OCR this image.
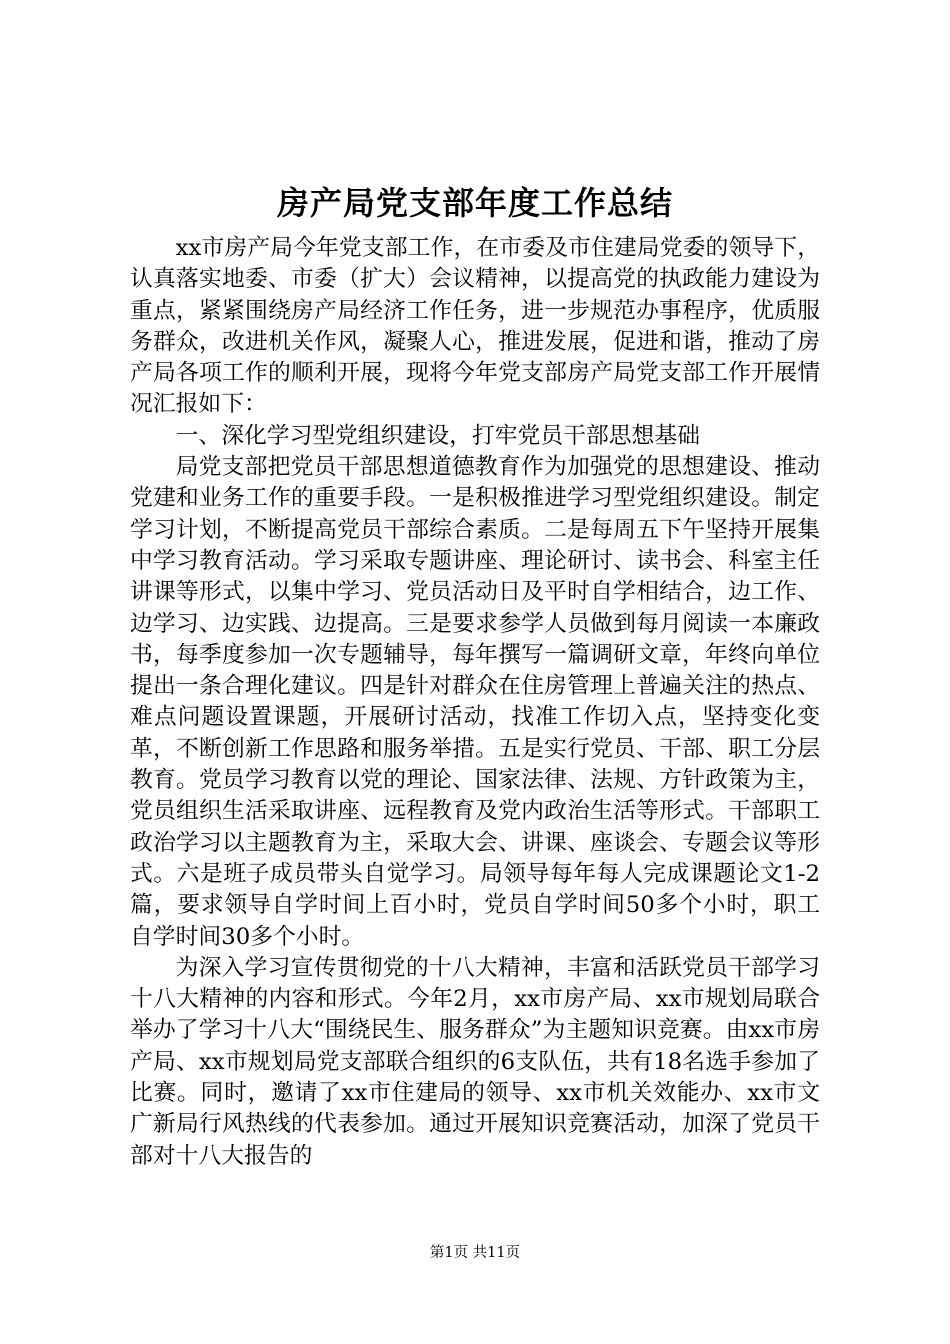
房产局党支部年度工作总结

xx市房产局今年党支部工作，在市委及市住建局党委的领导下，认真落实地委、市委（扩大）会议精神，以提高党的执政能力建设为重点，紧紧围绕房产局经济工作任务，进一步规范办事程序，优质服务群众，改进机关作风，凝聚人心，推进发展，促进和谐，推动了房产局各项工作的顺利开展，现将今年党支部房产局党支部工作开展情况汇报如下：

一、深化学习型党组织建设，打牢党员干部思想基础

局党支部把党员干部思想道德教育作为加强党的思想建设、推动党建和业务工作的重要手段。一是积极推进学习型党组织建设。制定学习计划，不断提高党员干部综合素质。二是每周五下午坚持开展集中学习教育活动。学习采取专题讲座、理论研讨、读书会、科室主任讲课等形式，以集中学习、党员活动日及平时自学相结合，边工作、边学习、边实践、边提高。三是要求参学人员做到每月阅读一本廉政书，每季度参加一次专题辅导，每年撰写一篇调研文章，年终向单位提出一条合理化建议。四是针对群众在住房管理上普遍关注的热点、难点问题设置课题，开展研讨活动，找准工作切入点，坚持变化变革，不断创新工作思路和服务举措。五是实行党员、干部、职工分层教育。党员学习教育以党的理论、国家法律、法规、方针政策为主，党员组织生活采取讲座、远程教育及党内政治生活等形式。干部职工政治学习以主题教育为主，采取大会、讲课、座谈会、专题会议等形式。六是班子成员带头自觉学习。局领导每年每人完成课题论文1-2篇，要求领导自学时间上百小时，党员自学时间50多个小时，职工自学时间30多个小时。

为深入学习宣传贯彻党的十八大精神，丰富和活跃党员干部学习十八大精神的内容和形式。今年2月，xx市房产局、xx市规划局联合举办了学习十八大“围绕民生、服务群众”为主题知识竞赛。由xx市房产局、xx市规划局党支部联合组织的6支队伍，共有18名选手参加了比赛。同时，邀请了xx市住建局的领导、xx市机关效能办、xx市文广新局行风热线的代表参加。通过开展知识竞赛活动，加深了党员干部对十八大报告的

第1页 共11页
